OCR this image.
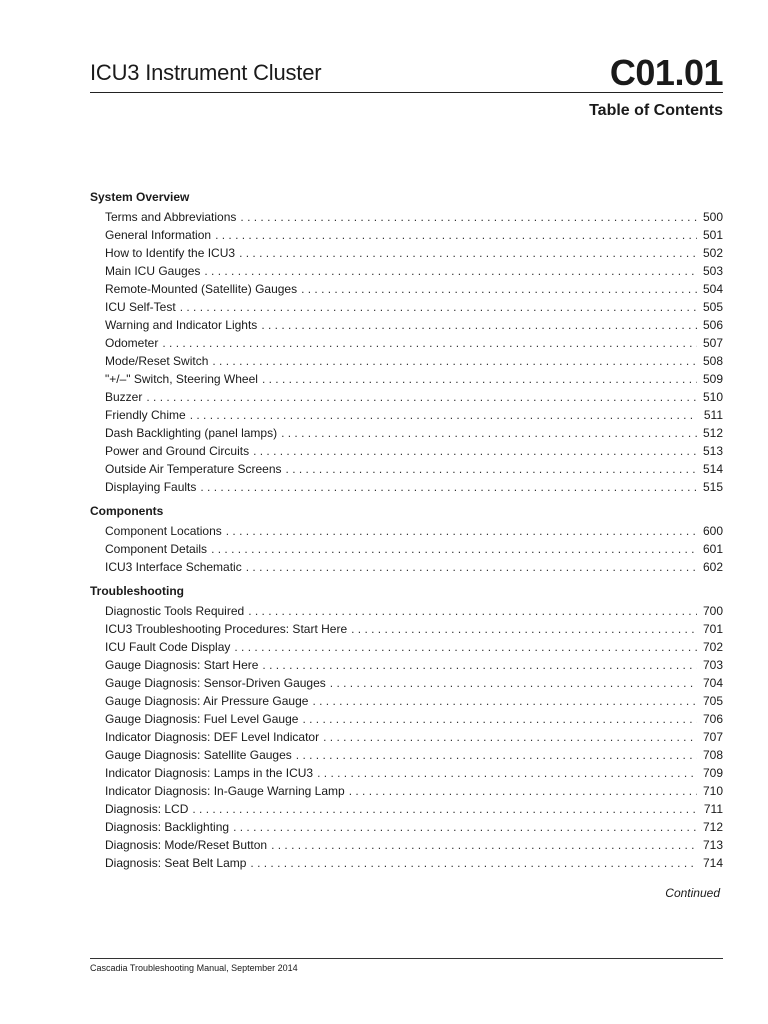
ICU3 Instrument Cluster	C01.01
Table of Contents
System Overview
Terms and Abbreviations . . .	500
General Information . . .	501
How to Identify the ICU3 . . .	502
Main ICU Gauges . . .	503
Remote-Mounted (Satellite) Gauges . . .	504
ICU Self-Test . . .	505
Warning and Indicator Lights . . .	506
Odometer . . .	507
Mode/Reset Switch . . .	508
"+/–" Switch, Steering Wheel . . .	509
Buzzer . . .	510
Friendly Chime . . .	511
Dash Backlighting (panel lamps) . . .	512
Power and Ground Circuits . . .	513
Outside Air Temperature Screens . . .	514
Displaying Faults . . .	515
Components
Component Locations . . .	600
Component Details . . .	601
ICU3 Interface Schematic . . .	602
Troubleshooting
Diagnostic Tools Required . . .	700
ICU3 Troubleshooting Procedures: Start Here . . .	701
ICU Fault Code Display . . .	702
Gauge Diagnosis: Start Here . . .	703
Gauge Diagnosis: Sensor-Driven Gauges . . .	704
Gauge Diagnosis: Air Pressure Gauge . . .	705
Gauge Diagnosis: Fuel Level Gauge . . .	706
Indicator Diagnosis: DEF Level Indicator . . .	707
Gauge Diagnosis: Satellite Gauges . . .	708
Indicator Diagnosis: Lamps in the ICU3 . . .	709
Indicator Diagnosis: In-Gauge Warning Lamp . . .	710
Diagnosis: LCD . . .	711
Diagnosis: Backlighting . . .	712
Diagnosis: Mode/Reset Button . . .	713
Diagnosis: Seat Belt Lamp . . .	714
Continued
Cascadia Troubleshooting Manual, September 2014
